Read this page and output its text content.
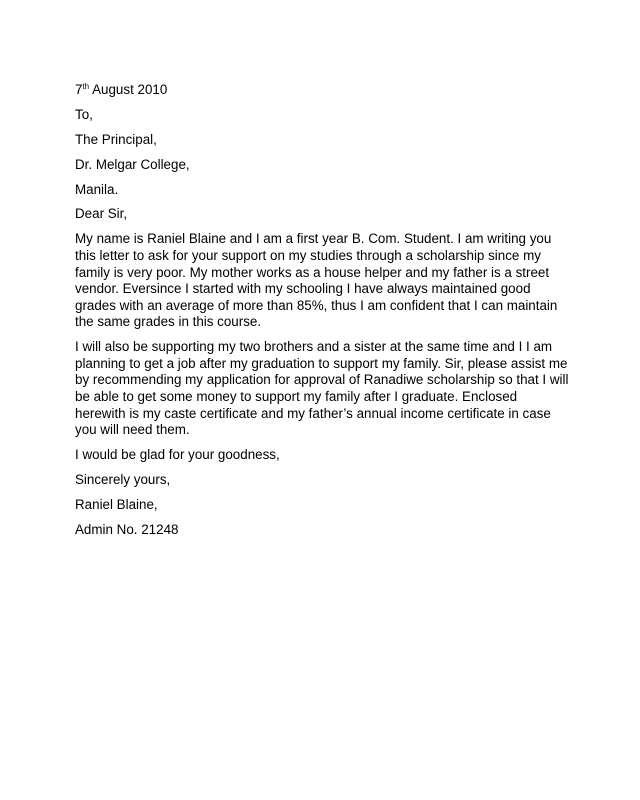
7th August 2010

To,

The Principal,

Dr. Melgar College,

Manila.

Dear Sir,

My name is Raniel Blaine and I am a first year B. Com. Student. I am writing you this letter to ask for your support on my studies through a scholarship since my family is very poor. My mother works as a house helper and my father is a street vendor. Eversince I started with my schooling I have always maintained good grades with an average of more than 85%, thus I am confident that I can maintain the same grades in this course.

I will also be supporting my two brothers and a sister at the same time and I I am planning to get a job after my graduation to support my family. Sir, please assist me by recommending my application for approval of Ranadiwe scholarship so that I will be able to get some money to support my family after I graduate. Enclosed herewith is my caste certificate and my father’s annual income certificate in case you will need them.

I would be glad for your goodness,

Sincerely yours,

Raniel Blaine,

Admin No. 21248
